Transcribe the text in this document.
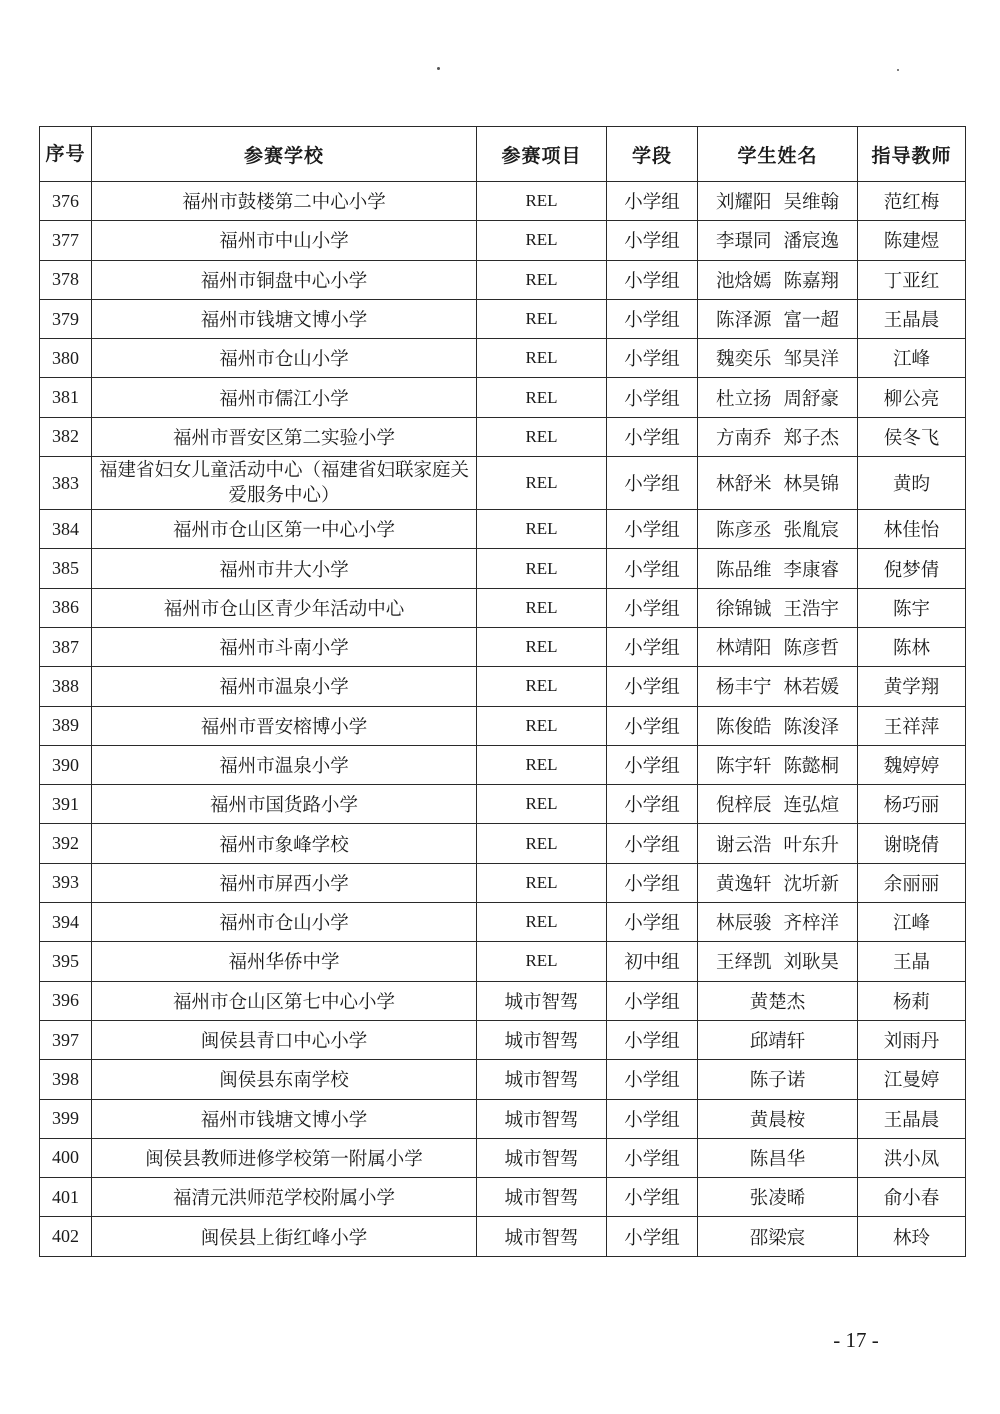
序号	参赛学校	参赛项目	学段	学生姓名	指导教师
376	福州市鼓楼第二中心小学	REL	小学组	刘耀阳 吴维翰	范红梅
377	福州市中山小学	REL	小学组	李璟同 潘宸逸	陈建煜
378	福州市铜盘中心小学	REL	小学组	池焓嫣 陈嘉翔	丁亚红
379	福州市钱塘文博小学	REL	小学组	陈泽源 富一超	王晶晨
380	福州市仓山小学	REL	小学组	魏奕乐 邹昊洋	江峰
381	福州市儒江小学	REL	小学组	杜立扬 周舒豪	柳公亮
382	福州市晋安区第二实验小学	REL	小学组	方南乔 郑子杰	侯冬飞
383	福建省妇女儿童活动中心（福建省妇联家庭关爱服务中心）	REL	小学组	林舒米 林昊锦	黄昀
384	福州市仓山区第一中心小学	REL	小学组	陈彦丞 张胤宸	林佳怡
385	福州市井大小学	REL	小学组	陈品维 李康睿	倪梦倩
386	福州市仓山区青少年活动中心	REL	小学组	徐锦铖 王浩宇	陈宇
387	福州市斗南小学	REL	小学组	林靖阳 陈彦哲	陈林
388	福州市温泉小学	REL	小学组	杨丰宁 林若媛	黄学翔
389	福州市晋安榕博小学	REL	小学组	陈俊皓 陈浚泽	王祥萍
390	福州市温泉小学	REL	小学组	陈宇轩 陈懿桐	魏婷婷
391	福州市国货路小学	REL	小学组	倪梓辰 连弘煊	杨巧丽
392	福州市象峰学校	REL	小学组	谢云浩 叶东升	谢晓倩
393	福州市屏西小学	REL	小学组	黄逸轩 沈圻新	余丽丽
394	福州市仓山小学	REL	小学组	林辰骏 齐梓洋	江峰
395	福州华侨中学	REL	初中组	王绎凯 刘耿昊	王晶
396	福州市仓山区第七中心小学	城市智驾	小学组	黄楚杰	杨莉
397	闽侯县青口中心小学	城市智驾	小学组	邱靖轩	刘雨丹
398	闽侯县东南学校	城市智驾	小学组	陈子诺	江曼婷
399	福州市钱塘文博小学	城市智驾	小学组	黄晨桉	王晶晨
400	闽侯县教师进修学校第一附属小学	城市智驾	小学组	陈昌华	洪小凤
401	福清元洪师范学校附属小学	城市智驾	小学组	张凌晞	俞小春
402	闽侯县上街红峰小学	城市智驾	小学组	邵梁宸	林玲
- 17 -
